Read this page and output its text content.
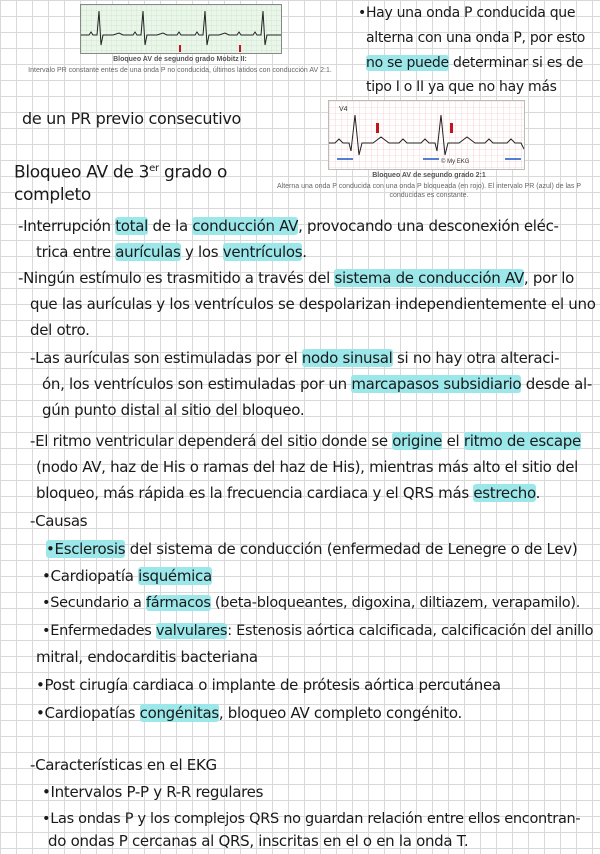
Bloqueo AV de segundo grado Mobitz II:
Intervalo PR constante entes de una onda P no conducida, últimos latidos con conducción AV 2:1.
•Hay una onda P conducida que
alterna con una onda P, por esto
no se puede determinar si es de
tipo I o II ya que no hay más
V4
© My EKG
Bloqueo AV de segundo grado 2:1
Alterna una onda P conducida con una onda P bloqueada (en rojo). El intervalo PR (azul) de las P
conducidas es constante.
de un PR previo consecutivo
Bloqueo AV de 3er grado o
completo
-Interrupción total de la conducción AV, provocando una desconexión eléc-
trica entre aurículas y los ventrículos.
-Ningún estímulo es trasmitido a través del sistema de conducción AV, por lo
que las aurículas y los ventrículos se despolarizan independientemente el uno
del otro.
-Las aurículas son estimuladas por el nodo sinusal si no hay otra alteraci-
ón, los ventrículos son estimuladas por un marcapasos subsidiario desde al-
gún punto distal al sitio del bloqueo.
-El ritmo ventricular dependerá del sitio donde se origine el ritmo de escape
(nodo AV, haz de His o ramas del haz de His), mientras más alto el sitio del
bloqueo, más rápida es la frecuencia cardiaca y el QRS más estrecho.
-Causas
•Esclerosis del sistema de conducción (enfermedad de Lenegre o de Lev)
•Cardiopatía isquémica
•Secundario a fármacos (beta-bloqueantes, digoxina, diltiazem, verapamilo).
•Enfermedades valvulares: Estenosis aórtica calcificada, calcificación del anillo
mitral, endocarditis bacteriana
•Post cirugía cardiaca o implante de prótesis aórtica percutánea
•Cardiopatías congénitas, bloqueo AV completo congénito.
-Características en el EKG
•Intervalos P-P y R-R regulares
•Las ondas P y los complejos QRS no guardan relación entre ellos encontran-
do ondas P cercanas al QRS, inscritas en el o en la onda T.
